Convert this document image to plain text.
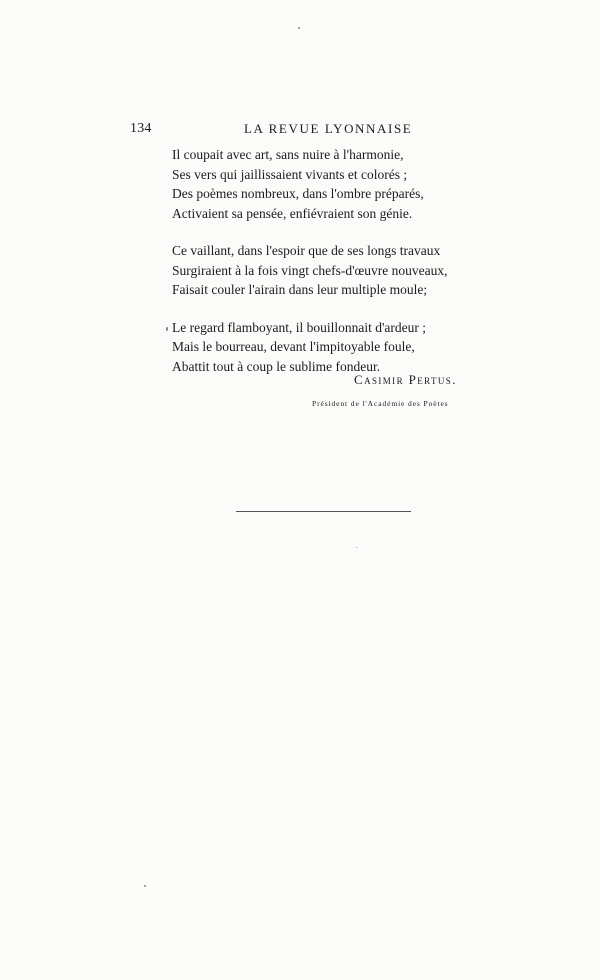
134	LA REVUE LYONNAISE
Il coupait avec art, sans nuire à l'harmonie,
Ses vers qui jaillissaient vivants et colorés ;
Des poèmes nombreux, dans l'ombre préparés,
Activaient sa pensée, enfiévraient son génie.
Ce vaillant, dans l'espoir que de ses longs travaux
Surgiraient à la fois vingt chefs-d'œuvre nouveaux,
Faisait couler l'airain dans leur multiple moule;
Le regard flamboyant, il bouillonnait d'ardeur ;
Mais le bourreau, devant l'impitoyable foule,
Abattit tout à coup le sublime fondeur.
Casimir Pertus.
Président de l'Académie des Poètes
